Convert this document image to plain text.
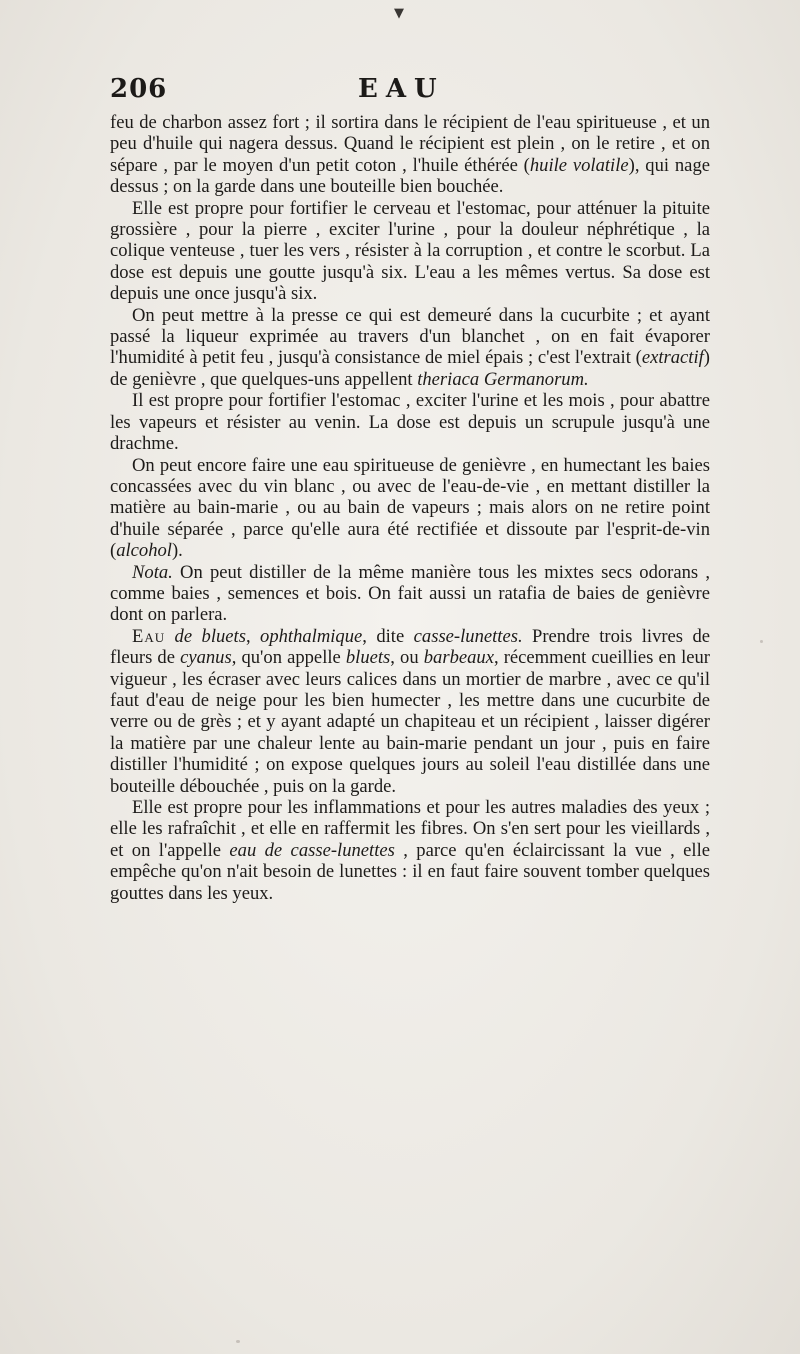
▼
206	EAU

feu de charbon assez fort ; il sortira dans le récipient de l'eau spiritueuse , et un peu d'huile qui nagera dessus. Quand le récipient est plein , on le retire , et on sépare , par le moyen d'un petit coton , l'huile éthérée (huile volatile), qui nage dessus ; on la garde dans une bouteille bien bouchée.

Elle est propre pour fortifier le cerveau et l'estomac, pour atténuer la pituite grossière , pour la pierre , exciter l'urine , pour la douleur néphrétique , la colique venteuse , tuer les vers , résister à la corruption , et contre le scorbut. La dose est depuis une goutte jusqu'à six. L'eau a les mêmes vertus. Sa dose est depuis une once jusqu'à six.

On peut mettre à la presse ce qui est demeuré dans la cucurbite ; et ayant passé la liqueur exprimée au travers d'un blanchet , on en fait évaporer l'humidité à petit feu , jusqu'à consistance de miel épais ; c'est l'extrait (extractif) de genièvre , que quelques-uns appellent theriaca Germanorum.

Il est propre pour fortifier l'estomac , exciter l'urine et les mois , pour abattre les vapeurs et résister au venin. La dose est depuis un scrupule jusqu'à une drachme.

On peut encore faire une eau spiritueuse de genièvre , en humectant les baies concassées avec du vin blanc , ou avec de l'eau-de-vie , en mettant distiller la matière au bain-marie , ou au bain de vapeurs ; mais alors on ne retire point d'huile séparée , parce qu'elle aura été rectifiée et dissoute par l'esprit-de-vin (alcohol).

Nota. On peut distiller de la même manière tous les mixtes secs odorans , comme baies , semences et bois. On fait aussi un ratafia de baies de genièvre dont on parlera.

Eau de bluets, ophthalmique, dite casse-lunettes. Prendre trois livres de fleurs de cyanus, qu'on appelle bluets, ou barbeaux, récemment cueillies en leur vigueur , les écraser avec leurs calices dans un mortier de marbre , avec ce qu'il faut d'eau de neige pour les bien humecter , les mettre dans une cucurbite de verre ou de grès ; et y ayant adapté un chapiteau et un récipient , laisser digérer la matière par une chaleur lente au bain-marie pendant un jour , puis en faire distiller l'humidité ; on expose quelques jours au soleil l'eau distillée dans une bouteille débouchée , puis on la garde.

Elle est propre pour les inflammations et pour les autres maladies des yeux ; elle les rafraîchit , et elle en raffermit les fibres. On s'en sert pour les vieillards , et on l'appelle eau de casse-lunettes , parce qu'en éclaircissant la vue , elle empêche qu'on n'ait besoin de lunettes : il en faut faire souvent tomber quelques gouttes dans les yeux.
